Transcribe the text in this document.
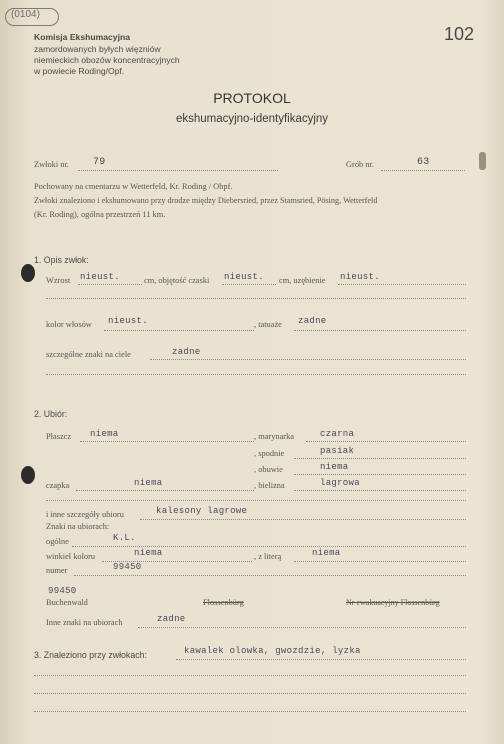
(0104)
102
Komisja Ekshumacyjna
zamordowanych byłych więzniów
niemieckich obozów koncentracyjnych
w powiecie Roding/Opf.
PROTOKOL
ekshumacyjno-identyfikacyjny
Zwłoki nr. 79	Grób nr.	63
Pochowany na cmentarzu w Wetterfeld, Kr. Roding / Obpf.
Zwłoki znaleziono i ekshumowano przy drodze między Diebersried, przez Stamsried, Pösing, Wetterfeld
(Kr. Roding), ogólna przestrzeń 11 km.
1. Opis zwłok:
Wzrost nieust.	cm, objętość czaski nieust. cm, uzębienie nieust.
kolor włosów nieust.	, tatuaże zadne
szczególne znaki na ciele	zadne
2. Ubiór:
Płaszcz niema	, marynarka	czarna
, spodnie	pasiak
, obuwie	niema
czapka	niema	, bielizna	lagrowa
i inne szczegóły ubioru	kalesony lagrowe
Znaki na ubiorach:
ogólne	K.L.
winkiel koloru	niema	, z literą	niema
numer	99450
99450
Buchenwald	Flossenbürg	Nr ewakuacyjny Flossenbürg
Inne znaki na ubiorach	zadne
3. Znaleziono przy zwłokach:	kawalek olowka, gwozdzie, lyzka
